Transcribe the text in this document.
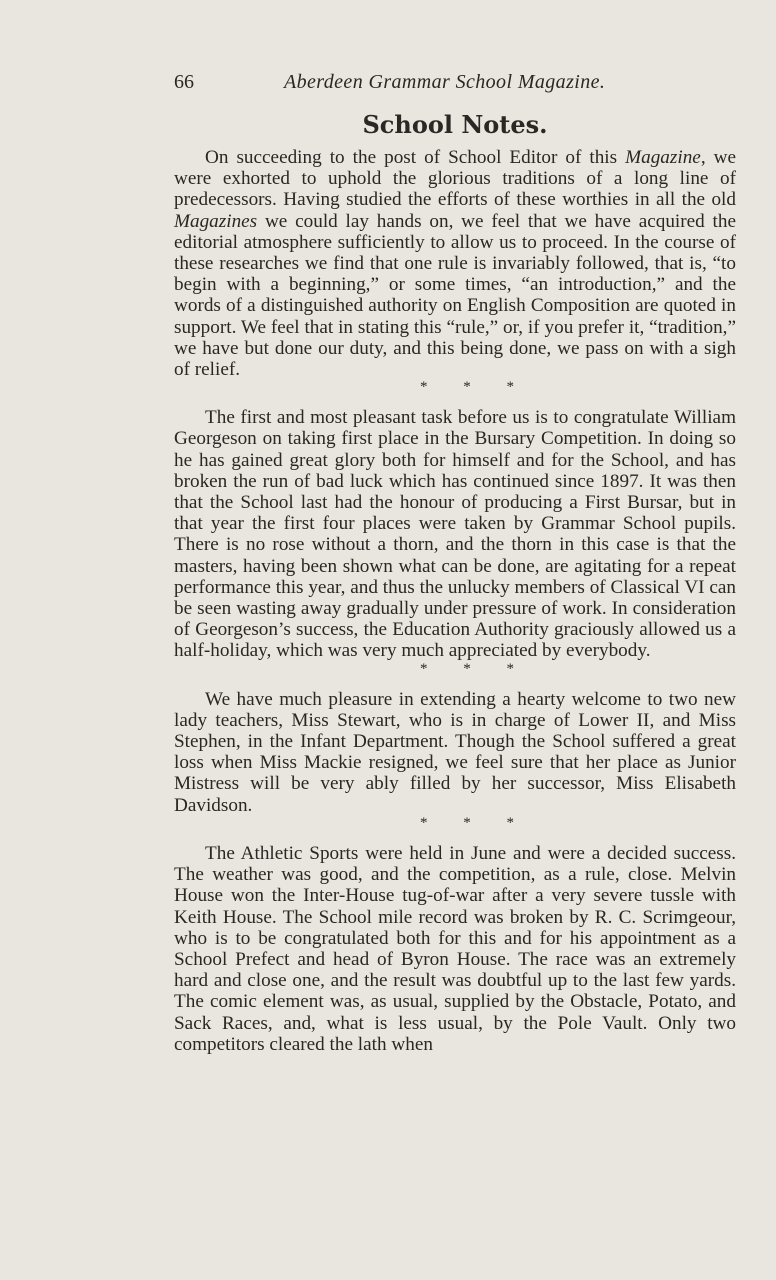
66	Aberdeen Grammar School Magazine.
School Notes.

On succeeding to the post of School Editor of this Magazine, we were exhorted to uphold the glorious traditions of a long line of predecessors. Having studied the efforts of these worthies in all the old Magazines we could lay hands on, we feel that we have acquired the editorial atmosphere sufficiently to allow us to proceed. In the course of these researches we find that one rule is invariably followed, that is, “to begin with a beginning,” or some times, “an introduction,” and the words of a distinguished authority on English Composition are quoted in support. We feel that in stating this “rule,” or, if you prefer it, “tradition,” we have but done our duty, and this being done, we pass on with a sigh of relief.

* * *

The first and most pleasant task before us is to congratulate William Georgeson on taking first place in the Bursary Competition. In doing so he has gained great glory both for himself and for the School, and has broken the run of bad luck which has continued since 1897. It was then that the School last had the honour of producing a First Bursar, but in that year the first four places were taken by Grammar School pupils. There is no rose without a thorn, and the thorn in this case is that the masters, having been shown what can be done, are agitating for a repeat performance this year, and thus the unlucky members of Classical VI can be seen wasting away gradually under pressure of work. In consideration of Georgeson’s success, the Education Authority graciously allowed us a half-holiday, which was very much appreciated by everybody.

* * *

We have much pleasure in extending a hearty welcome to two new lady teachers, Miss Stewart, who is in charge of Lower II, and Miss Stephen, in the Infant Department. Though the School suffered a great loss when Miss Mackie resigned, we feel sure that her place as Junior Mistress will be very ably filled by her successor, Miss Elisabeth Davidson.

* * *

The Athletic Sports were held in June and were a decided success. The weather was good, and the competition, as a rule, close. Melvin House won the Inter-House tug-of-war after a very severe tussle with Keith House. The School mile record was broken by R. C. Scrimgeour, who is to be congratulated both for this and for his appointment as a School Prefect and head of Byron House. The race was an extremely hard and close one, and the result was doubtful up to the last few yards. The comic element was, as usual, supplied by the Obstacle, Potato, and Sack Races, and, what is less usual, by the Pole Vault. Only two competitors cleared the lath when
